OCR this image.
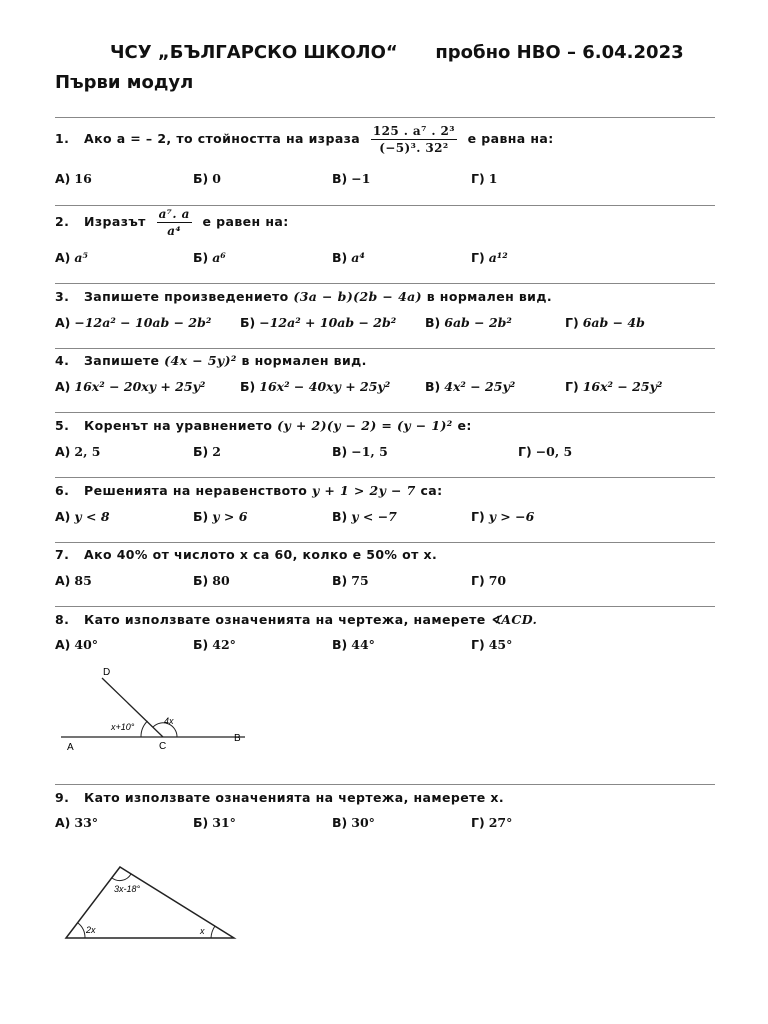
ЧСУ „БЪЛГАРСКО ШКОЛО“      пробно НВО – 6.04.2023
Първи модул
1. Ако a = – 2, то стойността на израза $\frac{\text{125 . a⁷ . 2³}}{\text{(−5)³. 32²}}$ е равна на:
А) 16	Б) 0	В) −1	Г) 1
2. Изразът $\frac{\text{a⁷. a}}{\text{a⁴}}$ е равен на:
А) a⁵	Б) a⁶	В) a⁴	Г) a¹²
3. Запишете произведението (3a − b)(2b − 4a) в нормален вид.
А) −12a² − 10ab − 2b² Б) −12a² + 10ab − 2b² В) 6ab − 2b²	Г) 6ab − 4b
4. Запишете (4x − 5y)² в нормален вид.
А) 16x² − 20xy + 25y²	Б) 16x² − 40xy + 25y²	В) 4x² − 25y²	Г) 16x² − 25y²
5. Коренът на уравнението (y + 2)(y − 2) = (y − 1)² е:
А) 2, 5	Б) 2	В) −1, 5	Г) −0, 5
6. Решенията на неравенството y + 1 > 2y − 7 са:
А) y < 8	Б) y > 6	В) y < −7	Г) y > −6
7. Ако 40% от числото x са 60, колко е 50% от x.
А) 85	Б) 80	В) 75	Г) 70
8. Като използвате означенията на чертежа, намерете ∢ACD.
А) 40°	Б) 42°	В) 44°	Г) 45°
D
A	C
B
x+10°
4x
9. Като използвате означенията на чертежа, намерете x.
А) 33°	Б) 31°	В) 30°	Г) 27°
3x-18°
2x	x
